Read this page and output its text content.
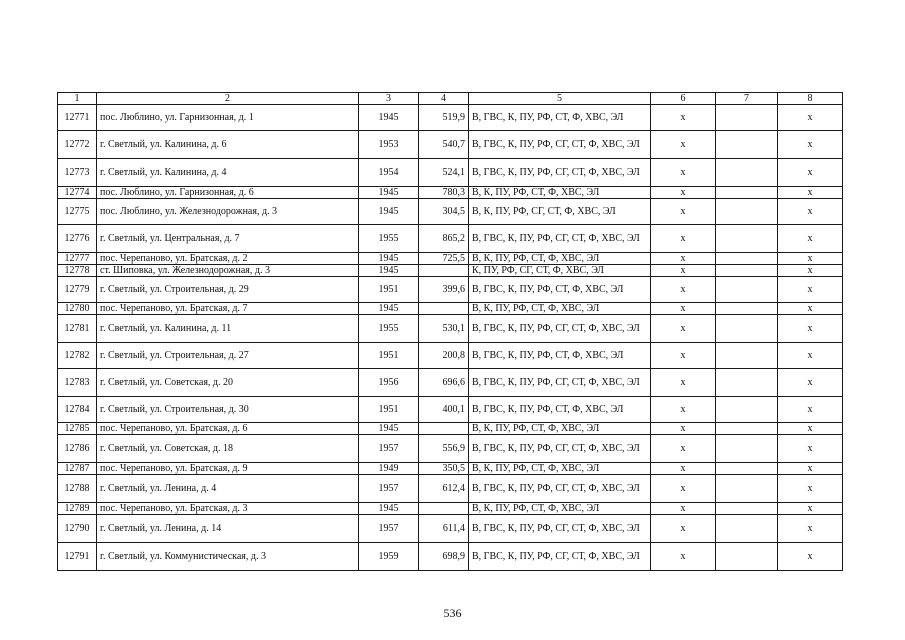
1	2	3	4	5	6	7	8
12771	пос. Люблино, ул. Гарнизонная, д. 1	1945	519,9	В, ГВС, К, ПУ, РФ, СТ, Ф, ХВС, ЭЛ	х		х
12772	г. Светлый, ул. Калинина, д. 6	1953	540,7	В, ГВС, К, ПУ, РФ, СГ, СТ, Ф, ХВС, ЭЛ	х		х
12773	г. Светлый, ул. Калинина, д. 4	1954	524,1	В, ГВС, К, ПУ, РФ, СГ, СТ, Ф, ХВС, ЭЛ	х		х
12774	пос. Люблино, ул. Гарнизонная, д. 6	1945	780,3	В, К, ПУ, РФ, СТ, Ф, ХВС, ЭЛ	х		х
12775	пос. Люблино, ул. Железнодорожная, д. 3	1945	304,5	В, К, ПУ, РФ, СГ, СТ, Ф, ХВС, ЭЛ	х		х
12776	г. Светлый, ул. Центральная, д. 7	1955	865,2	В, ГВС, К, ПУ, РФ, СГ, СТ, Ф, ХВС, ЭЛ	х		х
12777	пос. Черепаново, ул. Братская, д. 2	1945	725,5	В, К, ПУ, РФ, СТ, Ф, ХВС, ЭЛ	х		х
12778	ст. Шиповка, ул. Железнодорожная, д. 3	1945		К, ПУ, РФ, СГ, СТ, Ф, ХВС, ЭЛ	х		х
12779	г. Светлый, ул. Строительная, д. 29	1951	399,6	В, ГВС, К, ПУ, РФ, СТ, Ф, ХВС, ЭЛ	х		х
12780	пос. Черепаново, ул. Братская, д. 7	1945		В, К, ПУ, РФ, СТ, Ф, ХВС, ЭЛ	х		х
12781	г. Светлый, ул. Калинина, д. 11	1955	530,1	В, ГВС, К, ПУ, РФ, СГ, СТ, Ф, ХВС, ЭЛ	х		х
12782	г. Светлый, ул. Строительная, д. 27	1951	200,8	В, ГВС, К, ПУ, РФ, СТ, Ф, ХВС, ЭЛ	х		х
12783	г. Светлый, ул. Советская, д. 20	1956	696,6	В, ГВС, К, ПУ, РФ, СГ, СТ, Ф, ХВС, ЭЛ	х		х
12784	г. Светлый, ул. Строительная, д. 30	1951	400,1	В, ГВС, К, ПУ, РФ, СТ, Ф, ХВС, ЭЛ	х		х
12785	пос. Черепаново, ул. Братская, д. 6	1945		В, К, ПУ, РФ, СТ, Ф, ХВС, ЭЛ	х		х
12786	г. Светлый, ул. Советская, д. 18	1957	556,9	В, ГВС, К, ПУ, РФ, СГ, СТ, Ф, ХВС, ЭЛ	х		х
12787	пос. Черепаново, ул. Братская, д. 9	1949	350,5	В, К, ПУ, РФ, СТ, Ф, ХВС, ЭЛ	х		х
12788	г. Светлый, ул. Ленина, д. 4	1957	612,4	В, ГВС, К, ПУ, РФ, СГ, СТ, Ф, ХВС, ЭЛ	х		х
12789	пос. Черепаново, ул. Братская, д. 3	1945		В, К, ПУ, РФ, СТ, Ф, ХВС, ЭЛ	х		х
12790	г. Светлый, ул. Ленина, д. 14	1957	611,4	В, ГВС, К, ПУ, РФ, СГ, СТ, Ф, ХВС, ЭЛ	х		х
12791	г. Светлый, ул. Коммунистическая, д. 3	1959	698,9	В, ГВС, К, ПУ, РФ, СГ, СТ, Ф, ХВС, ЭЛ	х		х
536
